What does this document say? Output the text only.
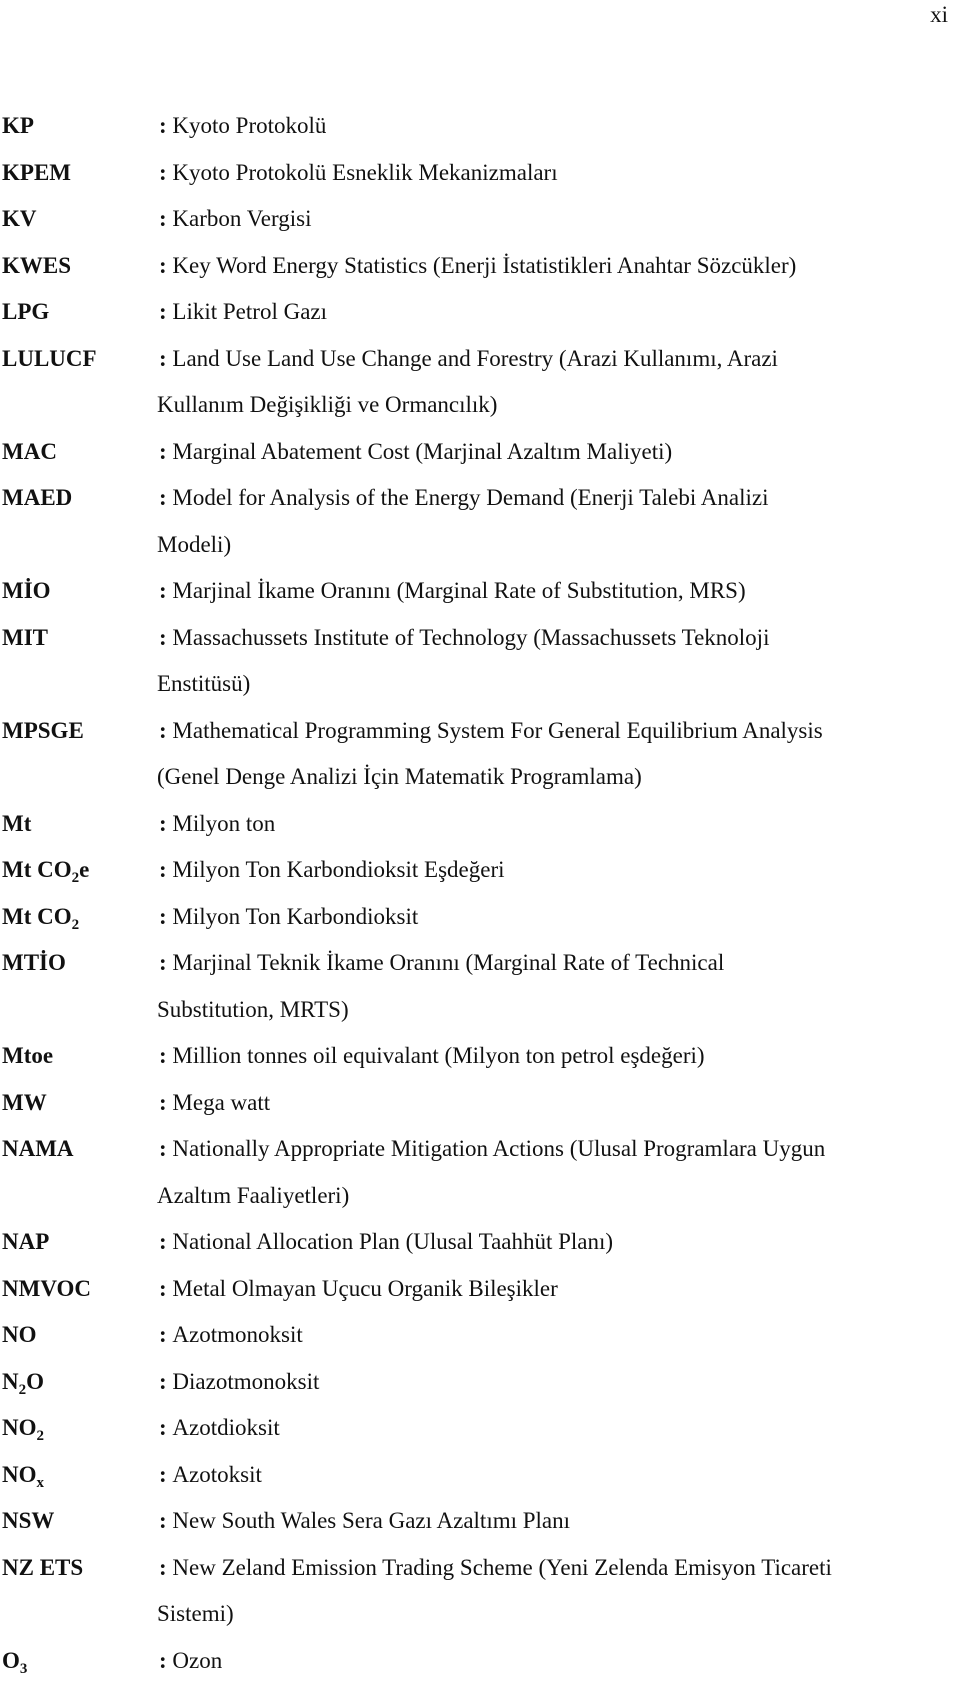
xi
KP	: Kyoto Protokolü
KPEM	: Kyoto Protokolü Esneklik Mekanizmaları
KV	: Karbon Vergisi
KWES	: Key Word Energy Statistics (Enerji İstatistikleri Anahtar Sözcükler)
LPG	: Likit Petrol Gazı
LULUCF	: Land Use Land Use Change and Forestry (Arazi Kullanımı, Arazi
Kullanım Değişikliği ve Ormancılık)
MAC	: Marginal Abatement Cost (Marjinal Azaltım Maliyeti)
MAED	: Model for Analysis of the Energy Demand (Enerji Talebi Analizi
Modeli)
MİO	: Marjinal İkame Oranını (Marginal Rate of Substitution, MRS)
MIT	: Massachussets Institute of Technology (Massachussets Teknoloji
Enstitüsü)
MPSGE	: Mathematical Programming System For General Equilibrium Analysis
(Genel Denge Analizi İçin Matematik Programlama)
Mt	: Milyon ton
Mt $CO_2e$	: Milyon Ton Karbondioksit Eşdeğeri
Mt $CO_2$	: Milyon Ton Karbondioksit
MTİO	: Marjinal Teknik İkame Oranını (Marginal Rate of Technical
Substitution, MRTS)
Mtoe	: Million tonnes oil equivalant (Milyon ton petrol eşdeğeri)
MW	: Mega watt
NAMA	: Nationally Appropriate Mitigation Actions (Ulusal Programlara Uygun
Azaltım Faaliyetleri)
NAP	: National Allocation Plan (Ulusal Taahhüt Planı)
NMVOC	: Metal Olmayan Uçucu Organik Bileşikler
NO	: Azotmonoksit
$N_2O$	: Diazotmonoksit
$NO_2$	: Azotdioksit
$NO_x$	: Azotoksit
NSW	: New South Wales Sera Gazı Azaltımı Planı
NZ ETS	: New Zeland Emission Trading Scheme (Yeni Zelenda Emisyon Ticareti
Sistemi)
$O_3$	: Ozon
